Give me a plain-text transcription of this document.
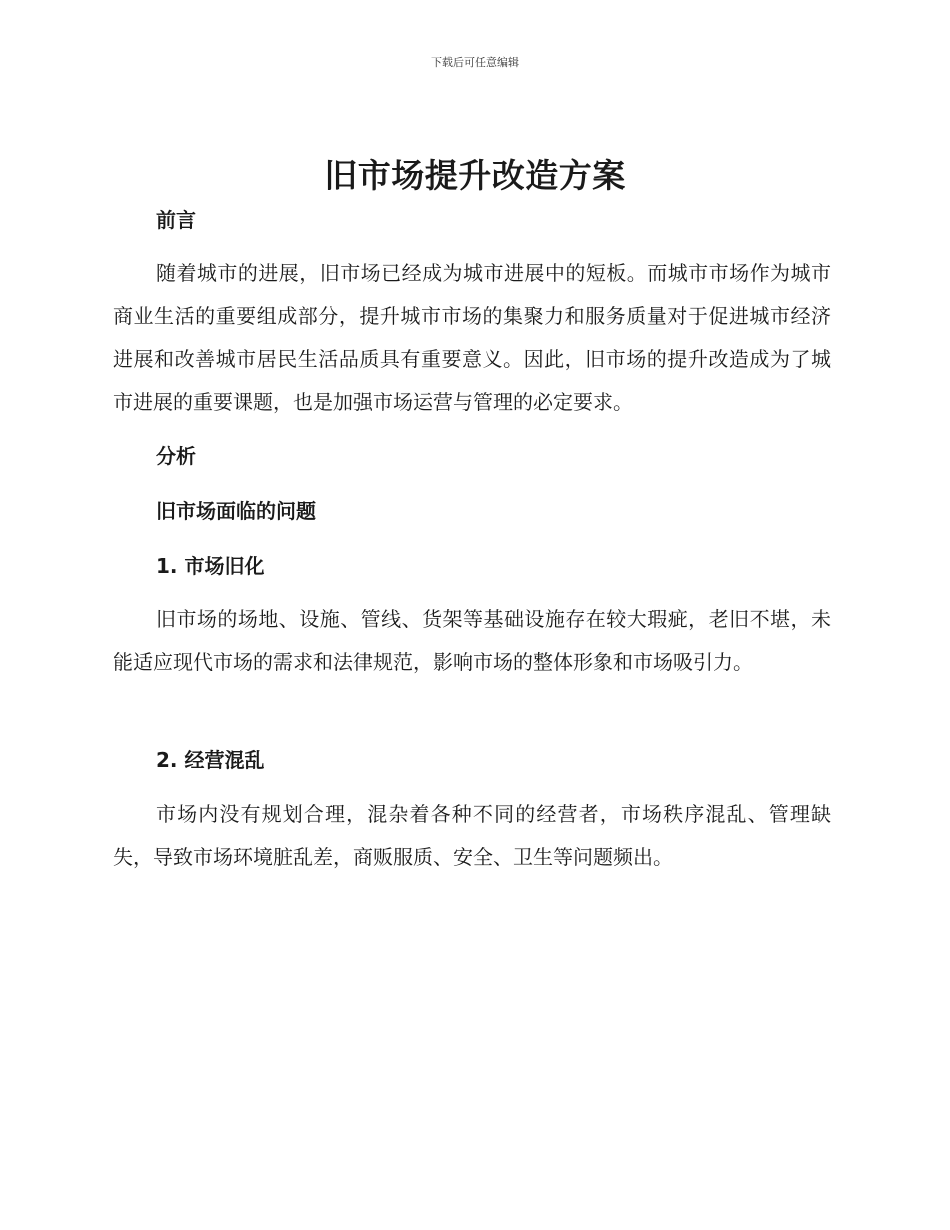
下载后可任意编辑
旧市场提升改造方案
前言

随着城市的进展，旧市场已经成为城市进展中的短板。而城市市场作为城市商业生活的重要组成部分，提升城市市场的集聚力和服务质量对于促进城市经济进展和改善城市居民生活品质具有重要意义。因此，旧市场的提升改造成为了城市进展的重要课题，也是加强市场运营与管理的必定要求。

分析
旧市场面临的问题
1. 市场旧化

旧市场的场地、设施、管线、货架等基础设施存在较大瑕疵，老旧不堪，未能适应现代市场的需求和法律规范，影响市场的整体形象和市场吸引力。

2. 经营混乱

市场内没有规划合理，混杂着各种不同的经营者，市场秩序混乱、管理缺失，导致市场环境脏乱差，商贩服质、安全、卫生等问题频出。
